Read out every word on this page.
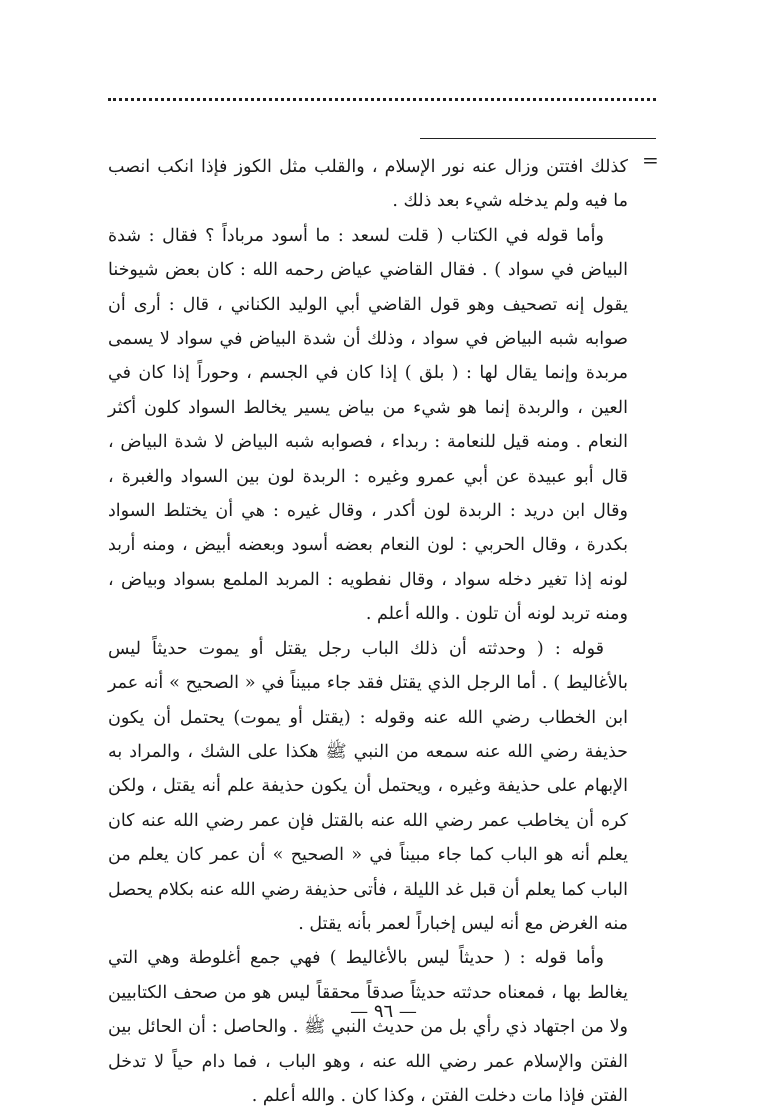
=

كذلك افتتن وزال عنه نور الإسلام ، والقلب مثل الكوز فإذا انكب انصب ما فيه ولم يدخله شيء بعد ذلك .

وأما قوله في الكتاب ( قلت لسعد : ما أسود مرباداً ؟ فقال : شدة البياض في سواد ) . فقال القاضي عياض رحمه الله : كان بعض شيوخنا يقول إنه تصحيف وهو قول القاضي أبي الوليد الكناني ، قال : أرى أن صوابه شبه البياض في سواد ، وذلك أن شدة البياض في سواد لا يسمى مربدة وإنما يقال لها : ( بلق ) إذا كان في الجسم ، وحوراً إذا كان في العين ، والربدة إنما هو شيء من بياض يسير يخالط السواد كلون أكثر النعام . ومنه قيل للنعامة : ربداء ، فصوابه شبه البياض لا شدة البياض ، قال أبو عبيدة عن أبي عمرو وغيره : الربدة لون بين السواد والغبرة ، وقال ابن دريد : الربدة لون أكدر ، وقال غيره : هي أن يختلط السواد بكدرة ، وقال الحربي : لون النعام بعضه أسود وبعضه أبيض ، ومنه أربد لونه إذا تغير دخله سواد ، وقال نفطويه : المربد الملمع بسواد وبياض ، ومنه تربد لونه أن تلون . والله أعلم .

قوله : ( وحدثته أن ذلك الباب رجل يقتل أو يموت حديثاً ليس بالأغاليط ) . أما الرجل الذي يقتل فقد جاء مبيناً في « الصحيح » أنه عمر ابن الخطاب رضي الله عنه وقوله : (يقتل أو يموت) يحتمل أن يكون حذيفة رضي الله عنه سمعه من النبي ﷺ هكذا على الشك ، والمراد به الإبهام على حذيفة وغيره ، ويحتمل أن يكون حذيفة علم أنه يقتل ، ولكن كره أن يخاطب عمر رضي الله عنه بالقتل فإن عمر رضي الله عنه كان يعلم أنه هو الباب كما جاء مبيناً في « الصحيح » أن عمر كان يعلم من الباب كما يعلم أن قبل غد الليلة ، فأتى حذيفة رضي الله عنه بكلام يحصل منه الغرض مع أنه ليس إخباراً لعمر بأنه يقتل .

وأما قوله : ( حديثاً ليس بالأغاليط ) فهي جمع أغلوطة وهي التي يغالط بها ، فمعناه حدثته حديثاً صدقاً محققاً ليس هو من صحف الكتابيين ولا من اجتهاد ذي رأي بل من حديث النبي ﷺ . والحاصل : أن الحائل بين الفتن والإسلام عمر رضي الله عنه ، وهو الباب ، فما دام حياً لا تدخل الفتن فإذا مات دخلت الفتن ، وكذا كان . والله أعلم .

— ٩٦ —
